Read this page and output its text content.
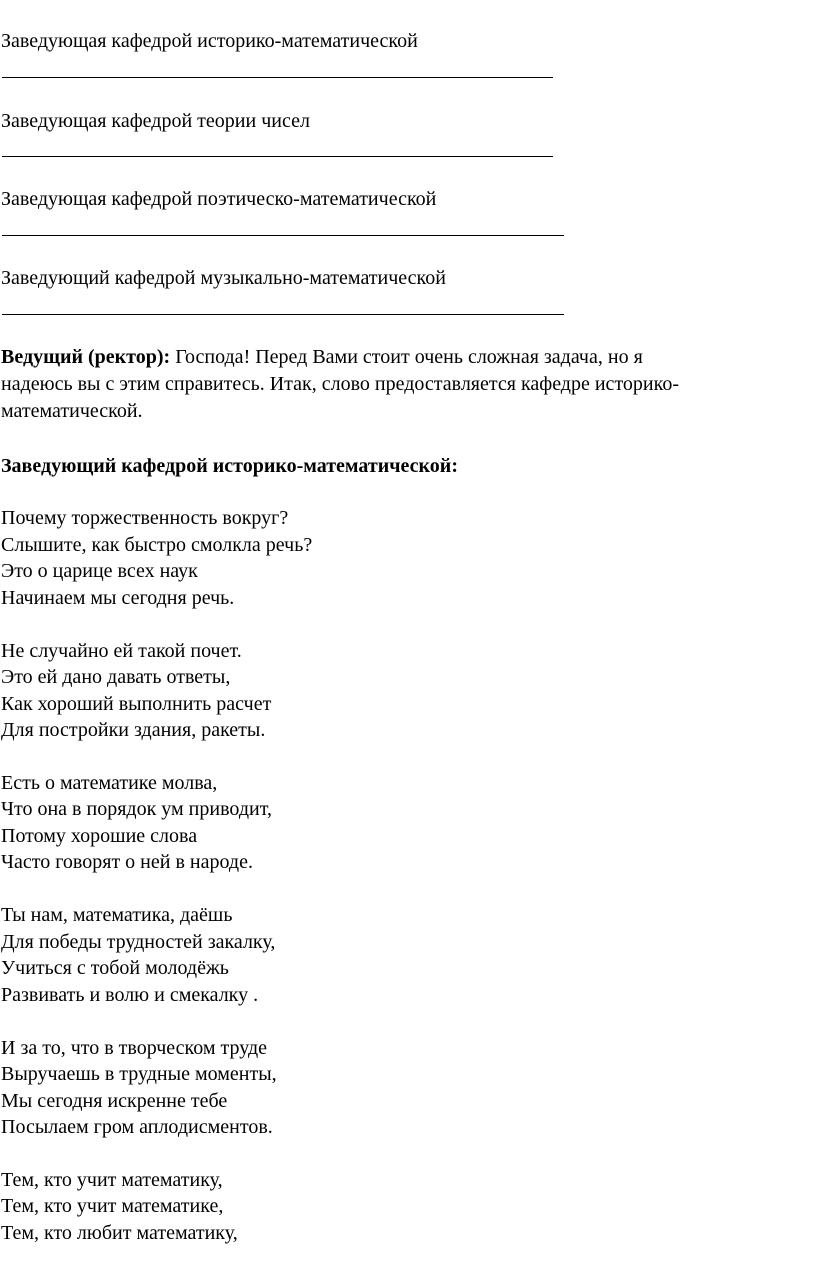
Заведующая кафедрой историко-математической
Заведующая кафедрой теории чисел
Заведующая кафедрой поэтическо-математической
Заведующий кафедрой музыкально-математической
Ведущий (ректор): Господа! Перед Вами стоит очень сложная задача, но я
надеюсь вы с этим справитесь. Итак, слово предоставляется кафедре историко-
математической.
Заведующий кафедрой историко-математической:
Почему торжественность вокруг?
Слышите, как быстро смолкла речь?
Это о царице всех наук
Начинаем мы сегодня речь.
Не случайно ей такой почет.
Это ей дано давать ответы,
Как хороший выполнить расчет
Для постройки здания, ракеты.
Есть о математике молва,
Что она в порядок ум приводит,
Потому хорошие слова
Часто говорят о ней в народе.
Ты нам, математика, даёшь
Для победы трудностей закалку,
Учиться с тобой молодёжь
Развивать и волю и смекалку .
И за то, что в творческом труде
Выручаешь в трудные моменты,
Мы сегодня искренне тебе
Посылаем гром аплодисментов.
Тем, кто учит математику,
Тем, кто учит математике,
Тем, кто любит математику,
